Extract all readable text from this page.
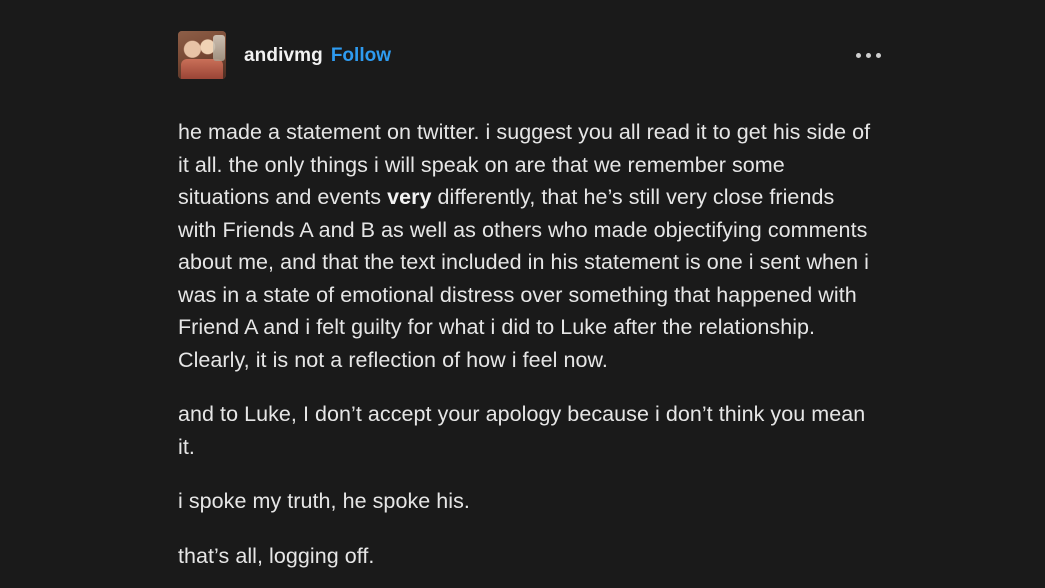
andivmg Follow

he made a statement on twitter. i suggest you all read it to get his side of it all. the only things i will speak on are that we remember some situations and events very differently, that he’s still very close friends with Friends A and B as well as others who made objectifying comments about me, and that the text included in his statement is one i sent when i was in a state of emotional distress over something that happened with Friend A and i felt guilty for what i did to Luke after the relationship. Clearly, it is not a reflection of how i feel now.

and to Luke, I don’t accept your apology because i don’t think you mean it.

i spoke my truth, he spoke his.

that’s all, logging off.
